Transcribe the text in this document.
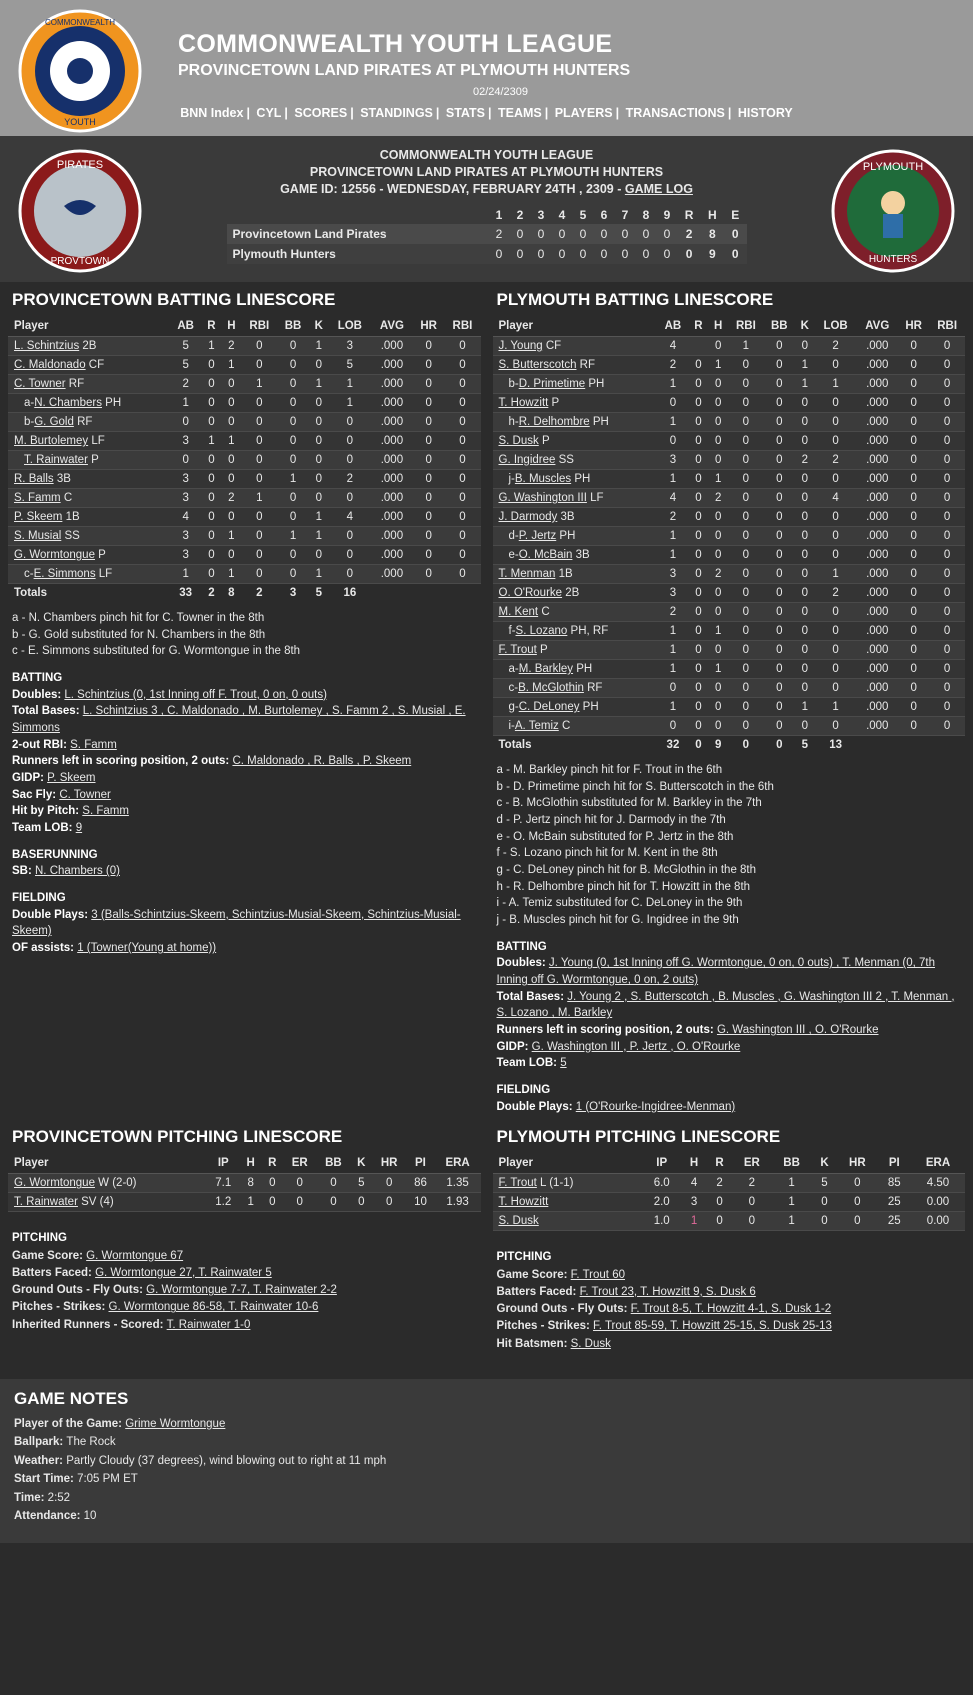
COMMONWEALTH
YOUTH
COMMONWEALTH YOUTH LEAGUE
PROVINCETOWN LAND PIRATES AT PLYMOUTH HUNTERS
02/24/2309
BNN Index | CYL | SCORES | STANDINGS | STATS | TEAMS | PLAYERS | TRANSACTIONS | HISTORY
PIRATES
PROVTOWN
PLYMOUTH
HUNTERS
COMMONWEALTH YOUTH LEAGUE
PROVINCETOWN LAND PIRATES AT PLYMOUTH HUNTERS
GAME ID: 12556 - WEDNESDAY, FEBRUARY 24TH , 2309 - GAME LOG
	1	2	3	4	5	6	7	8	9	R	H	E
Provincetown Land Pirates	2	0	0	0	0	0	0	0	0	2	8	0
Plymouth Hunters	0	0	0	0	0	0	0	0	0	0	9	0
PROVINCETOWN BATTING LINESCORE
Player	AB	R	H	RBI	BB	K	LOB	AVG	HR	RBI
L. Schintzius 2B	5	1	2	0	0	1	3	.000	0	0
C. Maldonado CF	5	0	1	0	0	0	5	.000	0	0
C. Towner RF	2	0	0	1	0	1	1	.000	0	0
a-N. Chambers PH	1	0	0	0	0	0	1	.000	0	0
b-G. Gold RF	0	0	0	0	0	0	0	.000	0	0
M. Burtolemey LF	3	1	1	0	0	0	0	.000	0	0
T. Rainwater P	0	0	0	0	0	0	0	.000	0	0
R. Balls 3B	3	0	0	0	1	0	2	.000	0	0
S. Famm C	3	0	2	1	0	0	0	.000	0	0
P. Skeem 1B	4	0	0	0	0	1	4	.000	0	0
S. Musial SS	3	0	1	0	1	1	0	.000	0	0
G. Wormtongue P	3	0	0	0	0	0	0	.000	0	0
c-E. Simmons LF	1	0	1	0	0	1	0	.000	0	0
Totals	33	2	8	2	3	5	16			
a - N. Chambers pinch hit for C. Towner in the 8th
b - G. Gold substituted for N. Chambers in the 8th
c - E. Simmons substituted for G. Wormtongue in the 8th
BATTING
Doubles: L. Schintzius (0, 1st Inning off F. Trout, 0 on, 0 outs)
Total Bases: L. Schintzius 3 , C. Maldonado , M. Burtolemey , S. Famm 2 , S. Musial , E. Simmons
2-out RBI: S. Famm
Runners left in scoring position, 2 outs: C. Maldonado , R. Balls , P. Skeem
GIDP: P. Skeem
Sac Fly: C. Towner
Hit by Pitch: S. Famm
Team LOB: 9
BASERUNNING
SB: N. Chambers (0)
FIELDING
Double Plays: 3 (Balls-Schintzius-Skeem, Schintzius-Musial-Skeem, Schintzius-Musial-Skeem)
OF assists: 1 (Towner(Young at home))
PLYMOUTH BATTING LINESCORE
Player	AB	R	H	RBI	BB	K	LOB	AVG	HR	RBI
J. Young CF	4		0	1	0	0	2	.000	0	0
S. Butterscotch RF	2	0	1	0	0	1	0	.000	0	0
b-D. Primetime PH	1	0	0	0	0	1	1	.000	0	0
T. Howzitt P	0	0	0	0	0	0	0	.000	0	0
h-R. Delhombre PH	1	0	0	0	0	0	0	.000	0	0
S. Dusk P	0	0	0	0	0	0	0	.000	0	0
G. Ingidree SS	3	0	0	0	0	2	2	.000	0	0
j-B. Muscles PH	1	0	1	0	0	0	0	.000	0	0
G. Washington III LF	4	0	2	0	0	0	4	.000	0	0
J. Darmody 3B	2	0	0	0	0	0	0	.000	0	0
d-P. Jertz PH	1	0	0	0	0	0	0	.000	0	0
e-O. McBain 3B	1	0	0	0	0	0	0	.000	0	0
T. Menman 1B	3	0	2	0	0	0	1	.000	0	0
O. O'Rourke 2B	3	0	0	0	0	0	2	.000	0	0
M. Kent C	2	0	0	0	0	0	0	.000	0	0
f-S. Lozano PH, RF	1	0	1	0	0	0	0	.000	0	0
F. Trout P	1	0	0	0	0	0	0	.000	0	0
a-M. Barkley PH	1	0	1	0	0	0	0	.000	0	0
c-B. McGlothin RF	0	0	0	0	0	0	0	.000	0	0
g-C. DeLoney PH	1	0	0	0	0	1	1	.000	0	0
i-A. Temiz C	0	0	0	0	0	0	0	.000	0	0
Totals	32	0	9	0	0	5	13			
a - M. Barkley pinch hit for F. Trout in the 6th
b - D. Primetime pinch hit for S. Butterscotch in the 6th
c - B. McGlothin substituted for M. Barkley in the 7th
d - P. Jertz pinch hit for J. Darmody in the 7th
e - O. McBain substituted for P. Jertz in the 8th
f - S. Lozano pinch hit for M. Kent in the 8th
g - C. DeLoney pinch hit for B. McGlothin in the 8th
h - R. Delhombre pinch hit for T. Howzitt in the 8th
i - A. Temiz substituted for C. DeLoney in the 9th
j - B. Muscles pinch hit for G. Ingidree in the 9th
BATTING
Doubles: J. Young (0, 1st Inning off G. Wormtongue, 0 on, 0 outs) , T. Menman (0, 7th Inning off G. Wormtongue, 0 on, 2 outs)
Total Bases: J. Young 2 , S. Butterscotch , B. Muscles , G. Washington III 2 , T. Menman , S. Lozano , M. Barkley
Runners left in scoring position, 2 outs: G. Washington III , O. O'Rourke
GIDP: G. Washington III , P. Jertz , O. O'Rourke
Team LOB: 5
FIELDING
Double Plays: 1 (O'Rourke-Ingidree-Menman)
PROVINCETOWN PITCHING LINESCORE
Player	IP	H	R	ER	BB	K	HR	PI	ERA
G. Wormtongue W (2-0)	7.1	8	0	0	0	5	0	86	1.35
T. Rainwater SV (4)	1.2	1	0	0	0	0	0	10	1.93
PITCHING
Game Score: G. Wormtongue 67
Batters Faced: G. Wormtongue 27, T. Rainwater 5
Ground Outs - Fly Outs: G. Wormtongue 7-7, T. Rainwater 2-2
Pitches - Strikes: G. Wormtongue 86-58, T. Rainwater 10-6
Inherited Runners - Scored: T. Rainwater 1-0
PLYMOUTH PITCHING LINESCORE
Player	IP	H	R	ER	BB	K	HR	PI	ERA
F. Trout L (1-1)	6.0	4	2	2	1	5	0	85	4.50
T. Howzitt	2.0	3	0	0	1	0	0	25	0.00
S. Dusk	1.0	1	0	0	1	0	0	25	0.00
PITCHING
Game Score: F. Trout 60
Batters Faced: F. Trout 23, T. Howzitt 9, S. Dusk 6
Ground Outs - Fly Outs: F. Trout 8-5, T. Howzitt 4-1, S. Dusk 1-2
Pitches - Strikes: F. Trout 85-59, T. Howzitt 25-15, S. Dusk 25-13
Hit Batsmen: S. Dusk
GAME NOTES
Player of the Game: Grime Wormtongue
Ballpark: The Rock
Weather: Partly Cloudy (37 degrees), wind blowing out to right at 11 mph
Start Time: 7:05 PM ET
Time: 2:52
Attendance: 10
